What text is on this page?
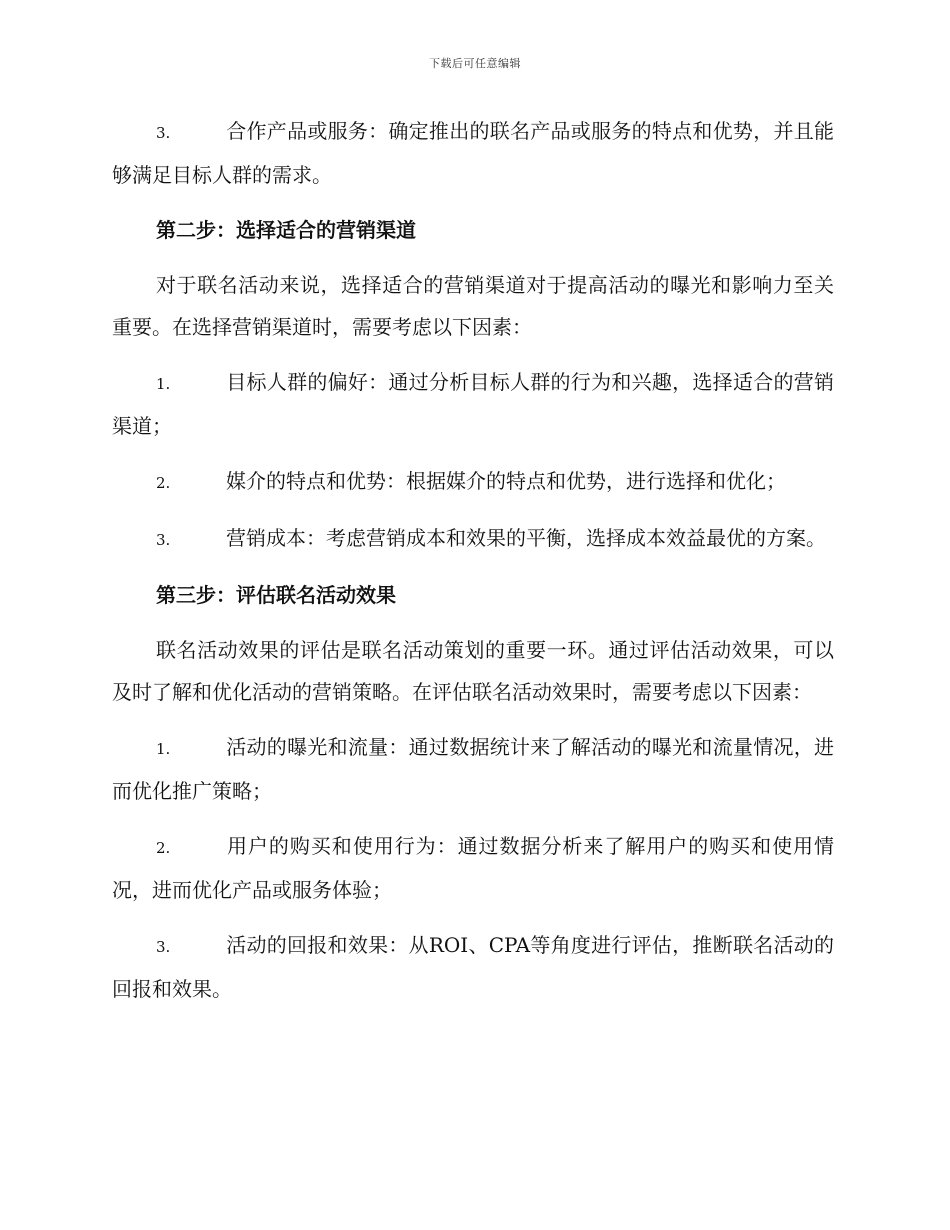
下载后可任意编辑

3.	合作产品或服务：确定推出的联名产品或服务的特点和优势，并且能够满足目标人群的需求。

第二步：选择适合的营销渠道

对于联名活动来说，选择适合的营销渠道对于提高活动的曝光和影响力至关重要。在选择营销渠道时，需要考虑以下因素：

1.	目标人群的偏好：通过分析目标人群的行为和兴趣，选择适合的营销渠道；

2.	媒介的特点和优势：根据媒介的特点和优势，进行选择和优化；

3.	营销成本：考虑营销成本和效果的平衡，选择成本效益最优的方案。

第三步：评估联名活动效果

联名活动效果的评估是联名活动策划的重要一环。通过评估活动效果，可以及时了解和优化活动的营销策略。在评估联名活动效果时，需要考虑以下因素：

1.	活动的曝光和流量：通过数据统计来了解活动的曝光和流量情况，进而优化推广策略；

2.	用户的购买和使用行为：通过数据分析来了解用户的购买和使用情况，进而优化产品或服务体验；

3.	活动的回报和效果：从ROI、CPA等角度进行评估，推断联名活动的回报和效果。
